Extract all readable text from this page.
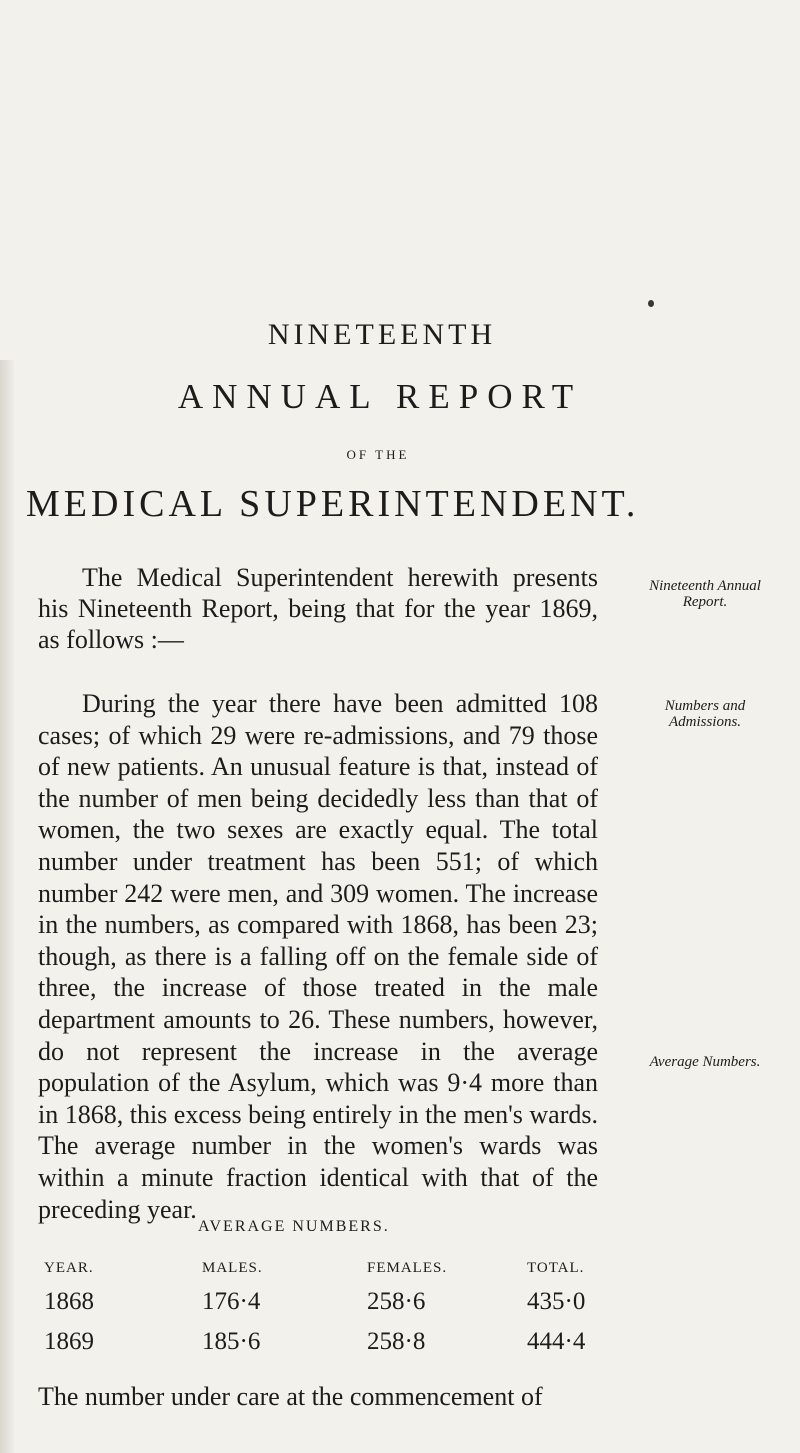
NINETEENTH
ANNUAL REPORT
OF THE
MEDICAL SUPERINTENDENT.
The Medical Superintendent herewith presents his Nineteenth Report, being that for the year 1869, as follows :—
Nineteenth Annual Report.
During the year there have been admitted 108 cases; of which 29 were re-admissions, and 79 those of new patients. An unusual feature is that, instead of the number of men being decidedly less than that of women, the two sexes are exactly equal. The total number under treatment has been 551; of which number 242 were men, and 309 women. The increase in the numbers, as compared with 1868, has been 23; though, as there is a falling off on the female side of three, the increase of those treated in the male department amounts to 26. These numbers, however, do not represent the increase in the average population of the Asylum, which was 9·4 more than in 1868, this excess being entirely in the men's wards. The average number in the women's wards was within a minute fraction identical with that of the preceding year.
Numbers and Admissions.
Average Numbers.
AVERAGE NUMBERS.
YEAR.	MALES.	FEMALES.	TOTAL.
1868	176·4	258·6	435·0
1869	185·6	258·8	444·4
The number under care at the commencement of
